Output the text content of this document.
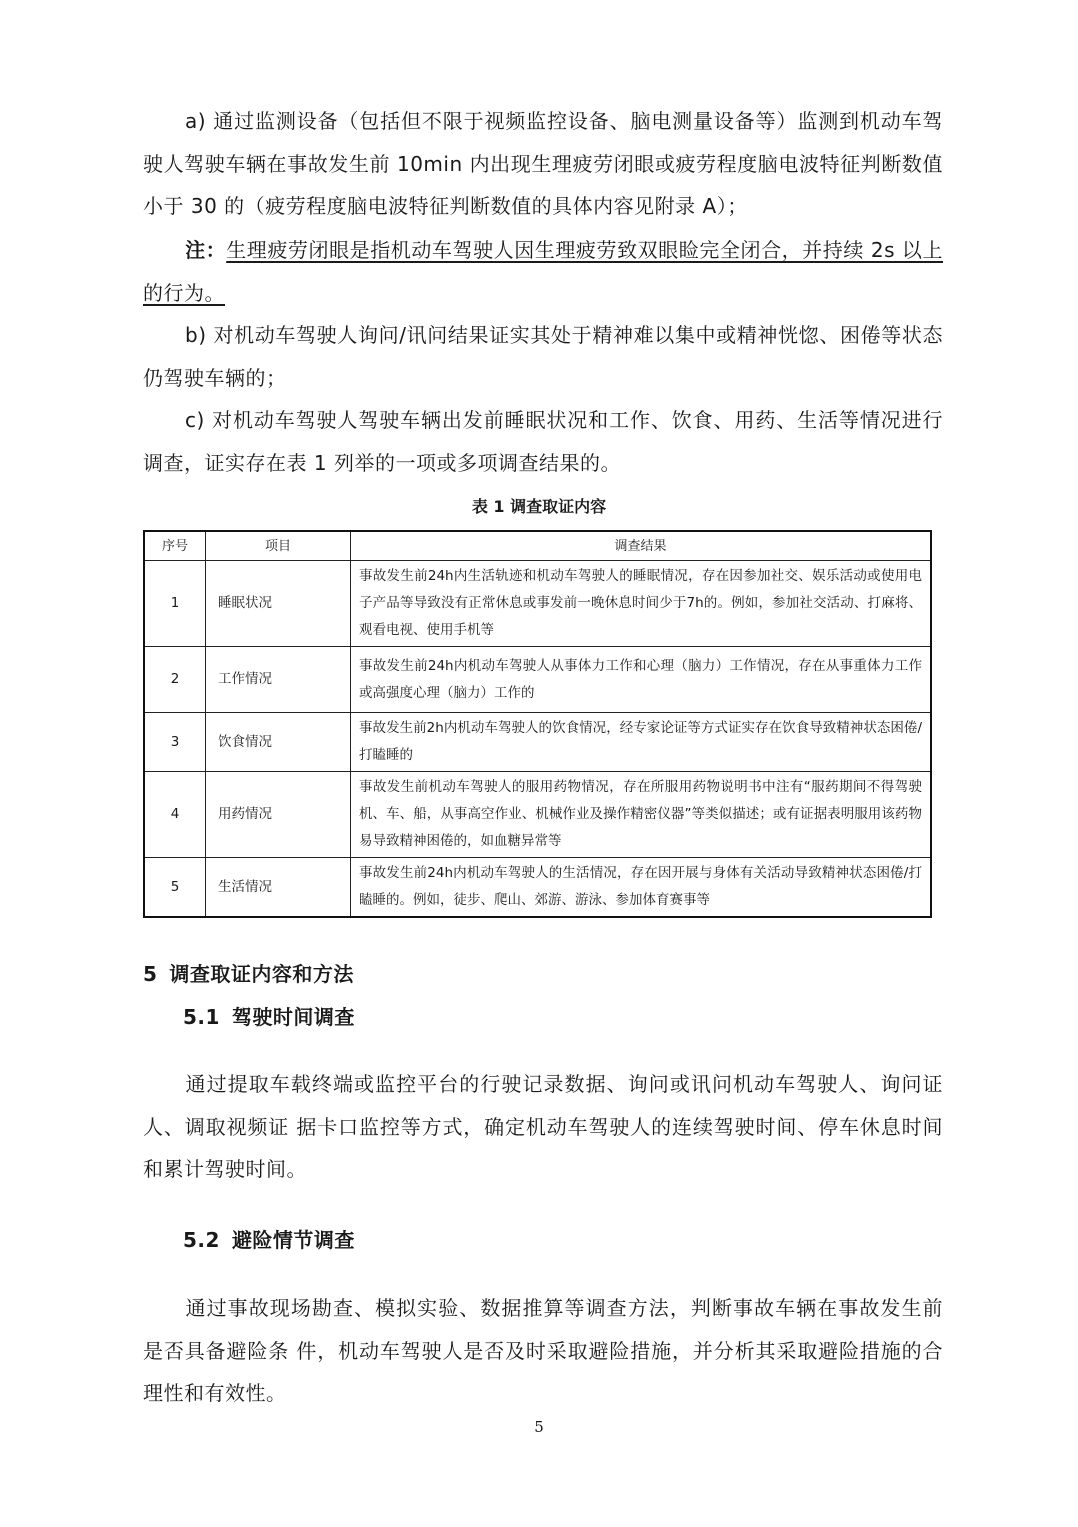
a) 通过监测设备（包括但不限于视频监控设备、脑电测量设备等）监测到机动车驾驶人驾驶车辆在事故发生前 10min 内出现生理疲劳闭眼或疲劳程度脑电波特征判断数值小于 30 的（疲劳程度脑电波特征判断数值的具体内容见附录 A）；

注：生理疲劳闭眼是指机动车驾驶人因生理疲劳致双眼睑完全闭合，并持续 2s 以上的行为。

b) 对机动车驾驶人询问/讯问结果证实其处于精神难以集中或精神恍惚、困倦等状态仍驾驶车辆的；

c) 对机动车驾驶人驾驶车辆出发前睡眠状况和工作、饮食、用药、生活等情况进行调查，证实存在表 1 列举的一项或多项调查结果的。

表 1 调查取证内容

序号	项目	调查结果
1	睡眠状况	事故发生前24h内生活轨迹和机动车驾驶人的睡眠情况，存在因参加社交、娱乐活动或使用电子产品等导致没有正常休息或事发前一晚休息时间少于7h的。例如，参加社交活动、打麻将、观看电视、使用手机等
2	工作情况	事故发生前24h内机动车驾驶人从事体力工作和心理（脑力）工作情况，存在从事重体力工作或高强度心理（脑力）工作的
3	饮食情况	事故发生前2h内机动车驾驶人的饮食情况，经专家论证等方式证实存在饮食导致精神状态困倦/打瞌睡的
4	用药情况	事故发生前机动车驾驶人的服用药物情况，存在所服用药物说明书中注有“服药期间不得驾驶机、车、船，从事高空作业、机械作业及操作精密仪器”等类似描述；或有证据表明服用该药物易导致精神困倦的，如血糖异常等
5	生活情况	事故发生前24h内机动车驾驶人的生活情况，存在因开展与身体有关活动导致精神状态困倦/打瞌睡的。例如，徒步、爬山、郊游、游泳、参加体育赛事等
5 调查取证内容和方法
5.1 驾驶时间调查

通过提取车载终端或监控平台的行驶记录数据、询问或讯问机动车驾驶人、询问证人、调取视频证 据卡口监控等方式，确定机动车驾驶人的连续驾驶时间、停车休息时间和累计驾驶时间。

5.2 避险情节调查

通过事故现场勘查、模拟实验、数据推算等调查方法，判断事故车辆在事故发生前是否具备避险条 件，机动车驾驶人是否及时采取避险措施，并分析其采取避险措施的合理性和有效性。

5
